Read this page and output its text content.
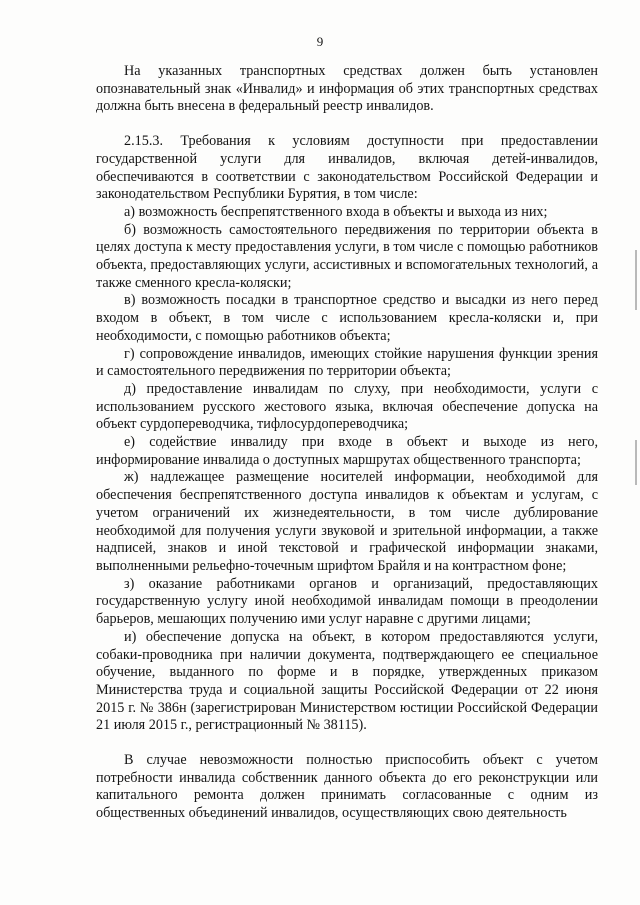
9

На указанных транспортных средствах должен быть установлен опознавательный знак «Инвалид» и информация об этих транспортных средствах должна быть внесена в федеральный реестр инвалидов.

2.15.3. Требования к условиям доступности при предоставлении государственной услуги для инвалидов, включая детей-инвалидов, обеспечиваются в соответствии с законодательством Российской Федерации и законодательством Республики Бурятия, в том числе:

а) возможность беспрепятственного входа в объекты и выхода из них;

б) возможность самостоятельного передвижения по территории объекта в целях доступа к месту предоставления услуги, в том числе с помощью работников объекта, предоставляющих услуги, ассистивных и вспомогательных технологий, а также сменного кресла-коляски;

в) возможность посадки в транспортное средство и высадки из него перед входом в объект, в том числе с использованием кресла-коляски и, при необходимости, с помощью работников объекта;

г) сопровождение инвалидов, имеющих стойкие нарушения функции зрения и самостоятельного передвижения по территории объекта;

д) предоставление инвалидам по слуху, при необходимости, услуги с использованием русского жестового языка, включая обеспечение допуска на объект сурдопереводчика, тифлосурдопереводчика;

е) содействие инвалиду при входе в объект и выходе из него, информирование инвалида о доступных маршрутах общественного транспорта;

ж) надлежащее размещение носителей информации, необходимой для обеспечения беспрепятственного доступа инвалидов к объектам и услугам, с учетом ограничений их жизнедеятельности, в том числе дублирование необходимой для получения услуги звуковой и зрительной информации, а также надписей, знаков и иной текстовой и графической информации знаками, выполненными рельефно-точечным шрифтом Брайля и на контрастном фоне;

з) оказание работниками органов и организаций, предоставляющих государственную услугу иной необходимой инвалидам помощи в преодолении барьеров, мешающих получению ими услуг наравне с другими лицами;

и) обеспечение допуска на объект, в котором предоставляются услуги, собаки-проводника при наличии документа, подтверждающего ее специальное обучение, выданного по форме и в порядке, утвержденных приказом Министерства труда и социальной защиты Российской Федерации от 22 июня 2015 г. № 386н (зарегистрирован Министерством юстиции Российской Федерации 21 июля 2015 г., регистрационный № 38115).

В случае невозможности полностью приспособить объект с учетом потребности инвалида собственник данного объекта до его реконструкции или капитального ремонта должен принимать согласованные с одним из общественных объединений инвалидов, осуществляющих свою деятельность
